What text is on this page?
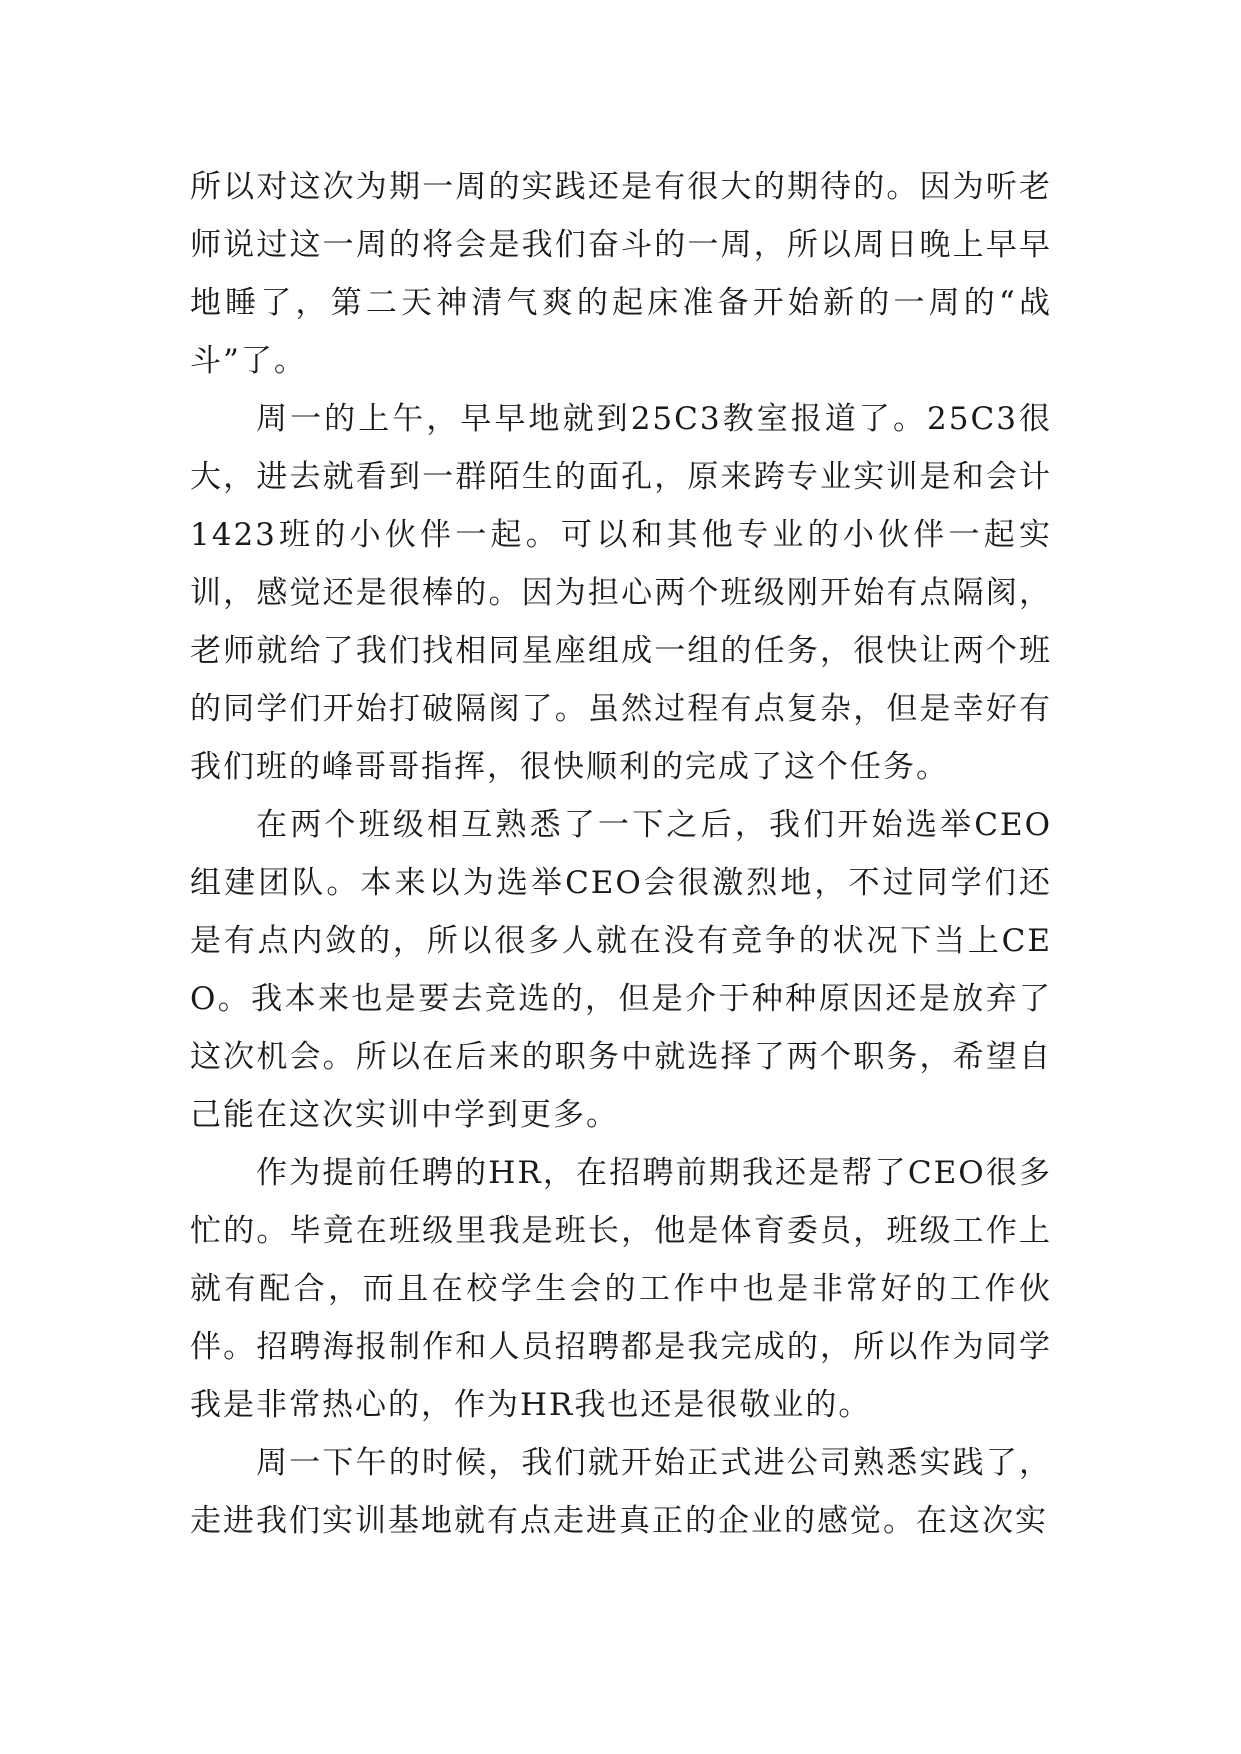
所以对这次为期一周的实践还是有很大的期待的。因为听老师说过这一周的将会是我们奋斗的一周，所以周日晚上早早地睡了，第二天神清气爽的起床准备开始新的一周的“战斗”了。

周一的上午，早早地就到25C3教室报道了。25C3很大，进去就看到一群陌生的面孔，原来跨专业实训是和会计1423班的小伙伴一起。可以和其他专业的小伙伴一起实训，感觉还是很棒的。因为担心两个班级刚开始有点隔阂，老师就给了我们找相同星座组成一组的任务，很快让两个班的同学们开始打破隔阂了。虽然过程有点复杂，但是幸好有我们班的峰哥哥指挥，很快顺利的完成了这个任务。

在两个班级相互熟悉了一下之后，我们开始选举CEO组建团队。本来以为选举CEO会很激烈地，不过同学们还是有点内敛的，所以很多人就在没有竞争的状况下当上CEO。我本来也是要去竞选的，但是介于种种原因还是放弃了这次机会。所以在后来的职务中就选择了两个职务，希望自己能在这次实训中学到更多。

作为提前任聘的HR，在招聘前期我还是帮了CEO很多忙的。毕竟在班级里我是班长，他是体育委员，班级工作上就有配合，而且在校学生会的工作中也是非常好的工作伙伴。招聘海报制作和人员招聘都是我完成的，所以作为同学我是非常热心的，作为HR我也还是很敬业的。

周一下午的时候，我们就开始正式进公司熟悉实践了，走进我们实训基地就有点走进真正的企业的感觉。在这次实
